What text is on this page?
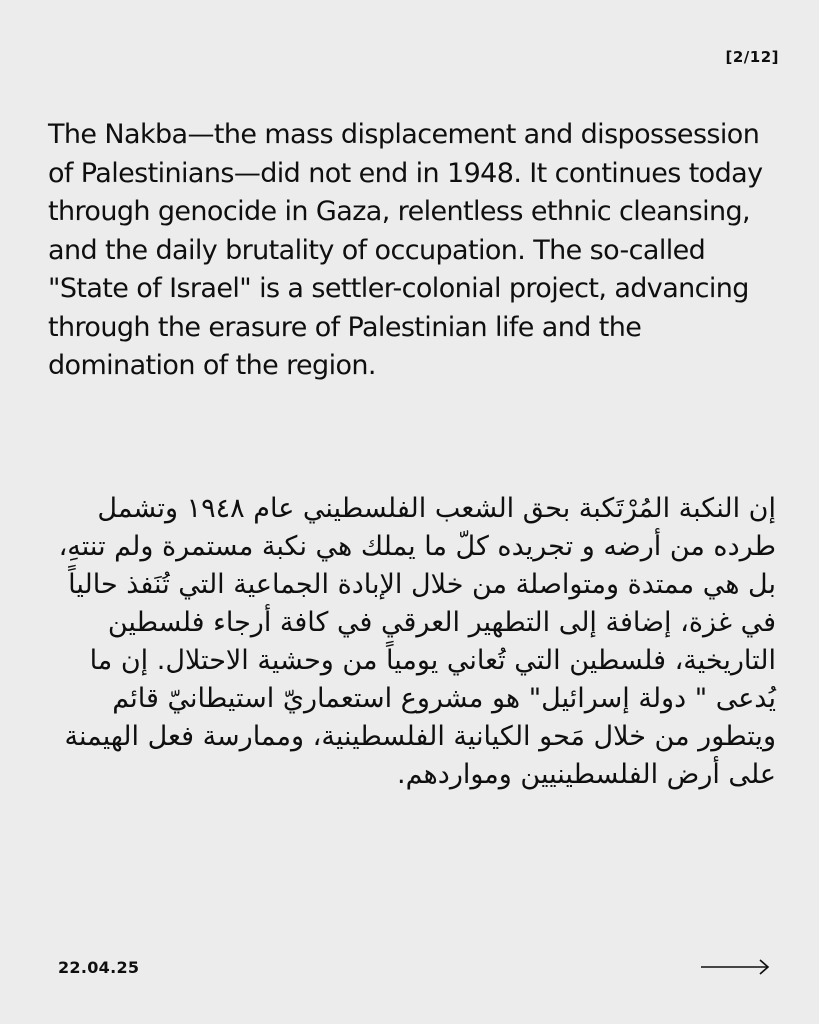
[2/12]

The Nakba—the mass displacement and dispossession of Palestinians—did not end in 1948. It continues today through genocide in Gaza, relentless ethnic cleansing, and the daily brutality of occupation. The so-called "State of Israel" is a settler-colonial project, advancing through the erasure of Palestinian life and the domination of the region.

إن النكبة المُرْتَكبة بحق الشعب الفلسطيني عام ١٩٤٨ وتشمل طرده من أرضه و تجريده كلّ ما يملك هي نكبة مستمرة ولم تنتهِ، بل هي ممتدة ومتواصلة من خلال الإبادة الجماعية التي تُنَفذ حالياً في غزة، إضافة إلى التطهير العرقي في كافة أرجاء فلسطين التاريخية، فلسطين التي تُعاني يومياً من وحشية الاحتلال. إن ما يُدعى " دولة إسرائيل" هو مشروع استعماريّ استيطانيّ قائم ويتطور من خلال مَحو الكيانية الفلسطينية، وممارسة فعل الهيمنة على أرض الفلسطينيين ومواردهم.

22.04.25
